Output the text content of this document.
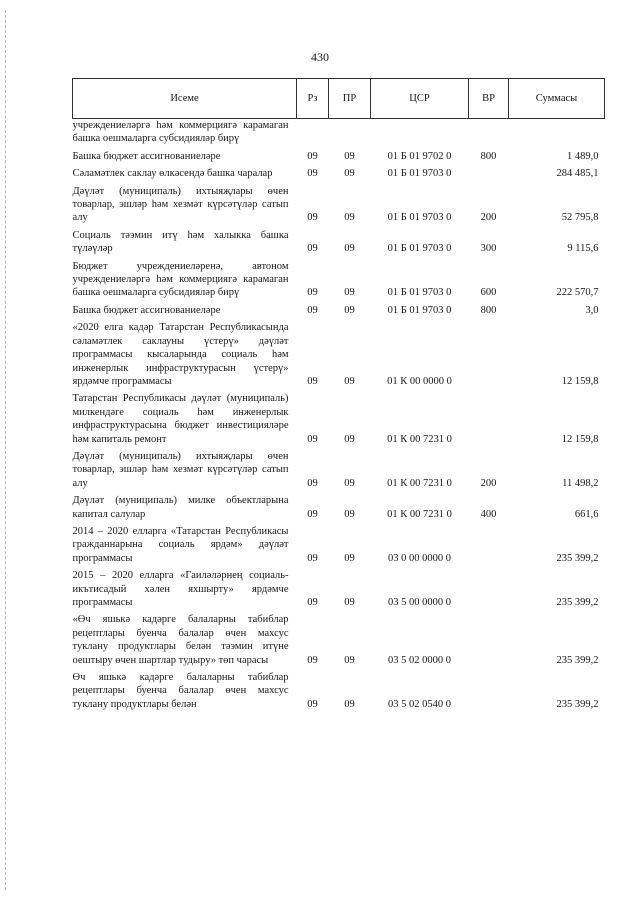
430
Исеме	Рз	ПР	ЦСР	ВР	Суммасы
учреждениеләргә һәм коммерциягә карамаган башка оешмаларга субсидияләр бирү					
Башка бюджет ассигнованиеләре	09	09	01 Б 01 9702 0	800	1 489,0
Сәламәтлек саклау өлкәсендә башка чаралар	09	09	01 Б 01 9703 0		284 485,1
Дәүләт (муниципаль) ихтыяҗлары өчен товарлар, эшләр һәм хезмәт күрсәтүләр сатып алу	09	09	01 Б 01 9703 0	200	52 795,8
Социаль тәэмин итү һәм халыкка башка түләүләр	09	09	01 Б 01 9703 0	300	9 115,6
Бюджет учреждениеләренә, автоном учреждениеләргә һәм коммерциягә карамаган башка оешмаларга субсидияләр бирү	09	09	01 Б 01 9703 0	600	222 570,7
Башка бюджет ассигнованиеләре	09	09	01 Б 01 9703 0	800	3,0
«2020 елга кадәр Татарстан Республикасында сәламәтлек саклауны үстерү» дәүләт программасы кысаларында социаль һәм инженерлык инфраструктурасын үстерү» ярдәмче программасы	09	09	01 К 00 0000 0		12 159,8
Татарстан Республикасы дәүләт (муниципаль) милкендәге социаль һәм инженерлык инфраструктурасына бюджет инвестицияләре һәм капиталь ремонт	09	09	01 К 00 7231 0		12 159,8
Дәүләт (муниципаль) ихтыяҗлары өчен товарлар, эшләр һәм хезмәт күрсәтүләр сатып алу	09	09	01 К 00 7231 0	200	11 498,2
Дәүләт (муниципаль) милке объектларына капитал салулар	09	09	01 К 00 7231 0	400	661,6
2014 – 2020 елларга «Татарстан Республикасы гражданнарына социаль ярдәм» дәүләт программасы	09	09	03 0 00 0000 0		235 399,2
2015 – 2020 елларга «Гаиләләрнең социаль-икътисадый хәлен яхшырту» ярдәмче программасы	09	09	03 5 00 0000 0		235 399,2
«Өч яшькә кадәрге балаларны табиблар рецептлары буенча балалар өчен махсус туклану продуктлары белән тәэмин итүне оештыру өчен шартлар тудыру» төп чарасы	09	09	03 5 02 0000 0		235 399,2
Өч яшькә кадәрге балаларны табиблар рецептлары буенча балалар өчен махсус туклану продуктлары белән	09	09	03 5 02 0540 0		235 399,2
